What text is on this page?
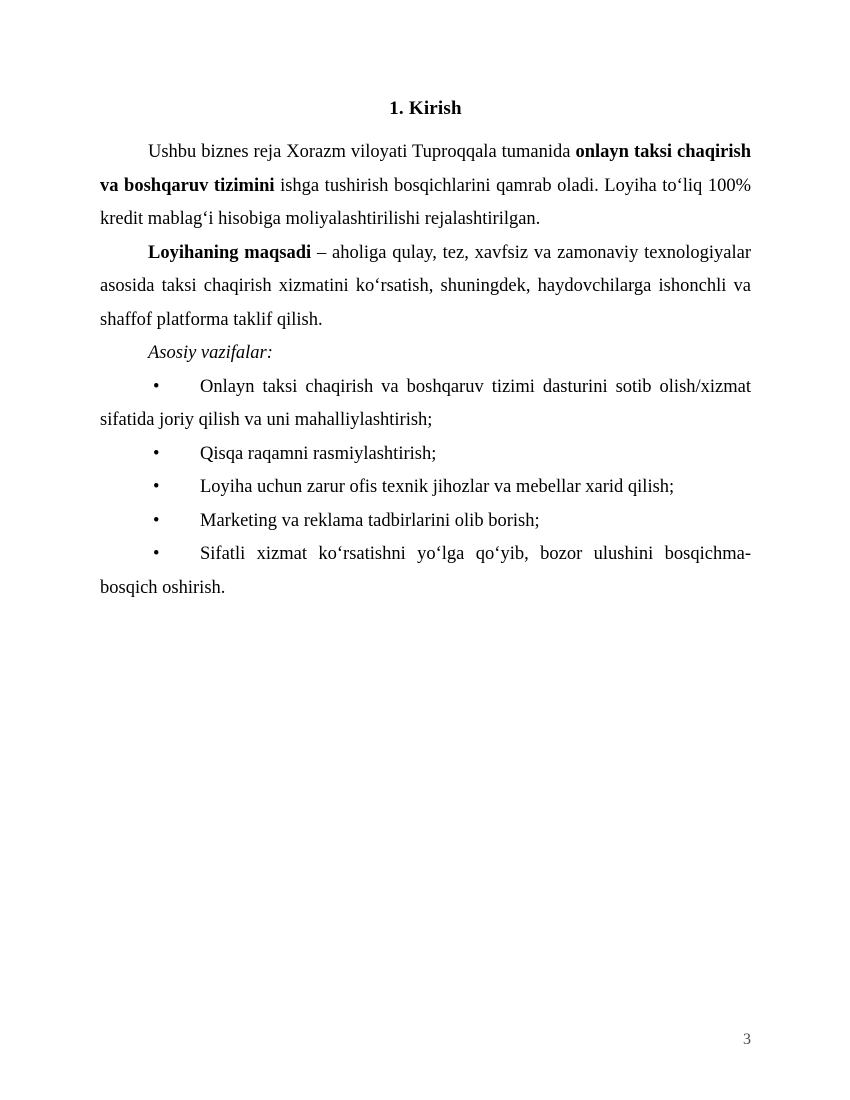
1. Kirish

Ushbu biznes reja Xorazm viloyati Tuproqqala tumanida onlayn taksi chaqirish va boshqaruv tizimini ishga tushirish bosqichlarini qamrab oladi. Loyiha toʻliq 100% kredit mablagʻi hisobiga moliyalashtirilishi rejalashtirilgan.

Loyihaning maqsadi – aholiga qulay, tez, xavfsiz va zamonaviy texnologiyalar asosida taksi chaqirish xizmatini koʻrsatish, shuningdek, haydovchilarga ishonchli va shaffof platforma taklif qilish.

Asosiy vazifalar:

•	Onlayn taksi chaqirish va boshqaruv tizimi dasturini sotib olish/xizmat sifatida joriy qilish va uni mahalliylashtirish;
•	Qisqa raqamni rasmiylashtirish;
•	Loyiha uchun zarur ofis texnik jihozlar va mebellar xarid qilish;
•	Marketing va reklama tadbirlarini olib borish;
•	Sifatli xizmat koʻrsatishni yoʻlga qoʻyib, bozor ulushini bosqichma-bosqich oshirish.
3
